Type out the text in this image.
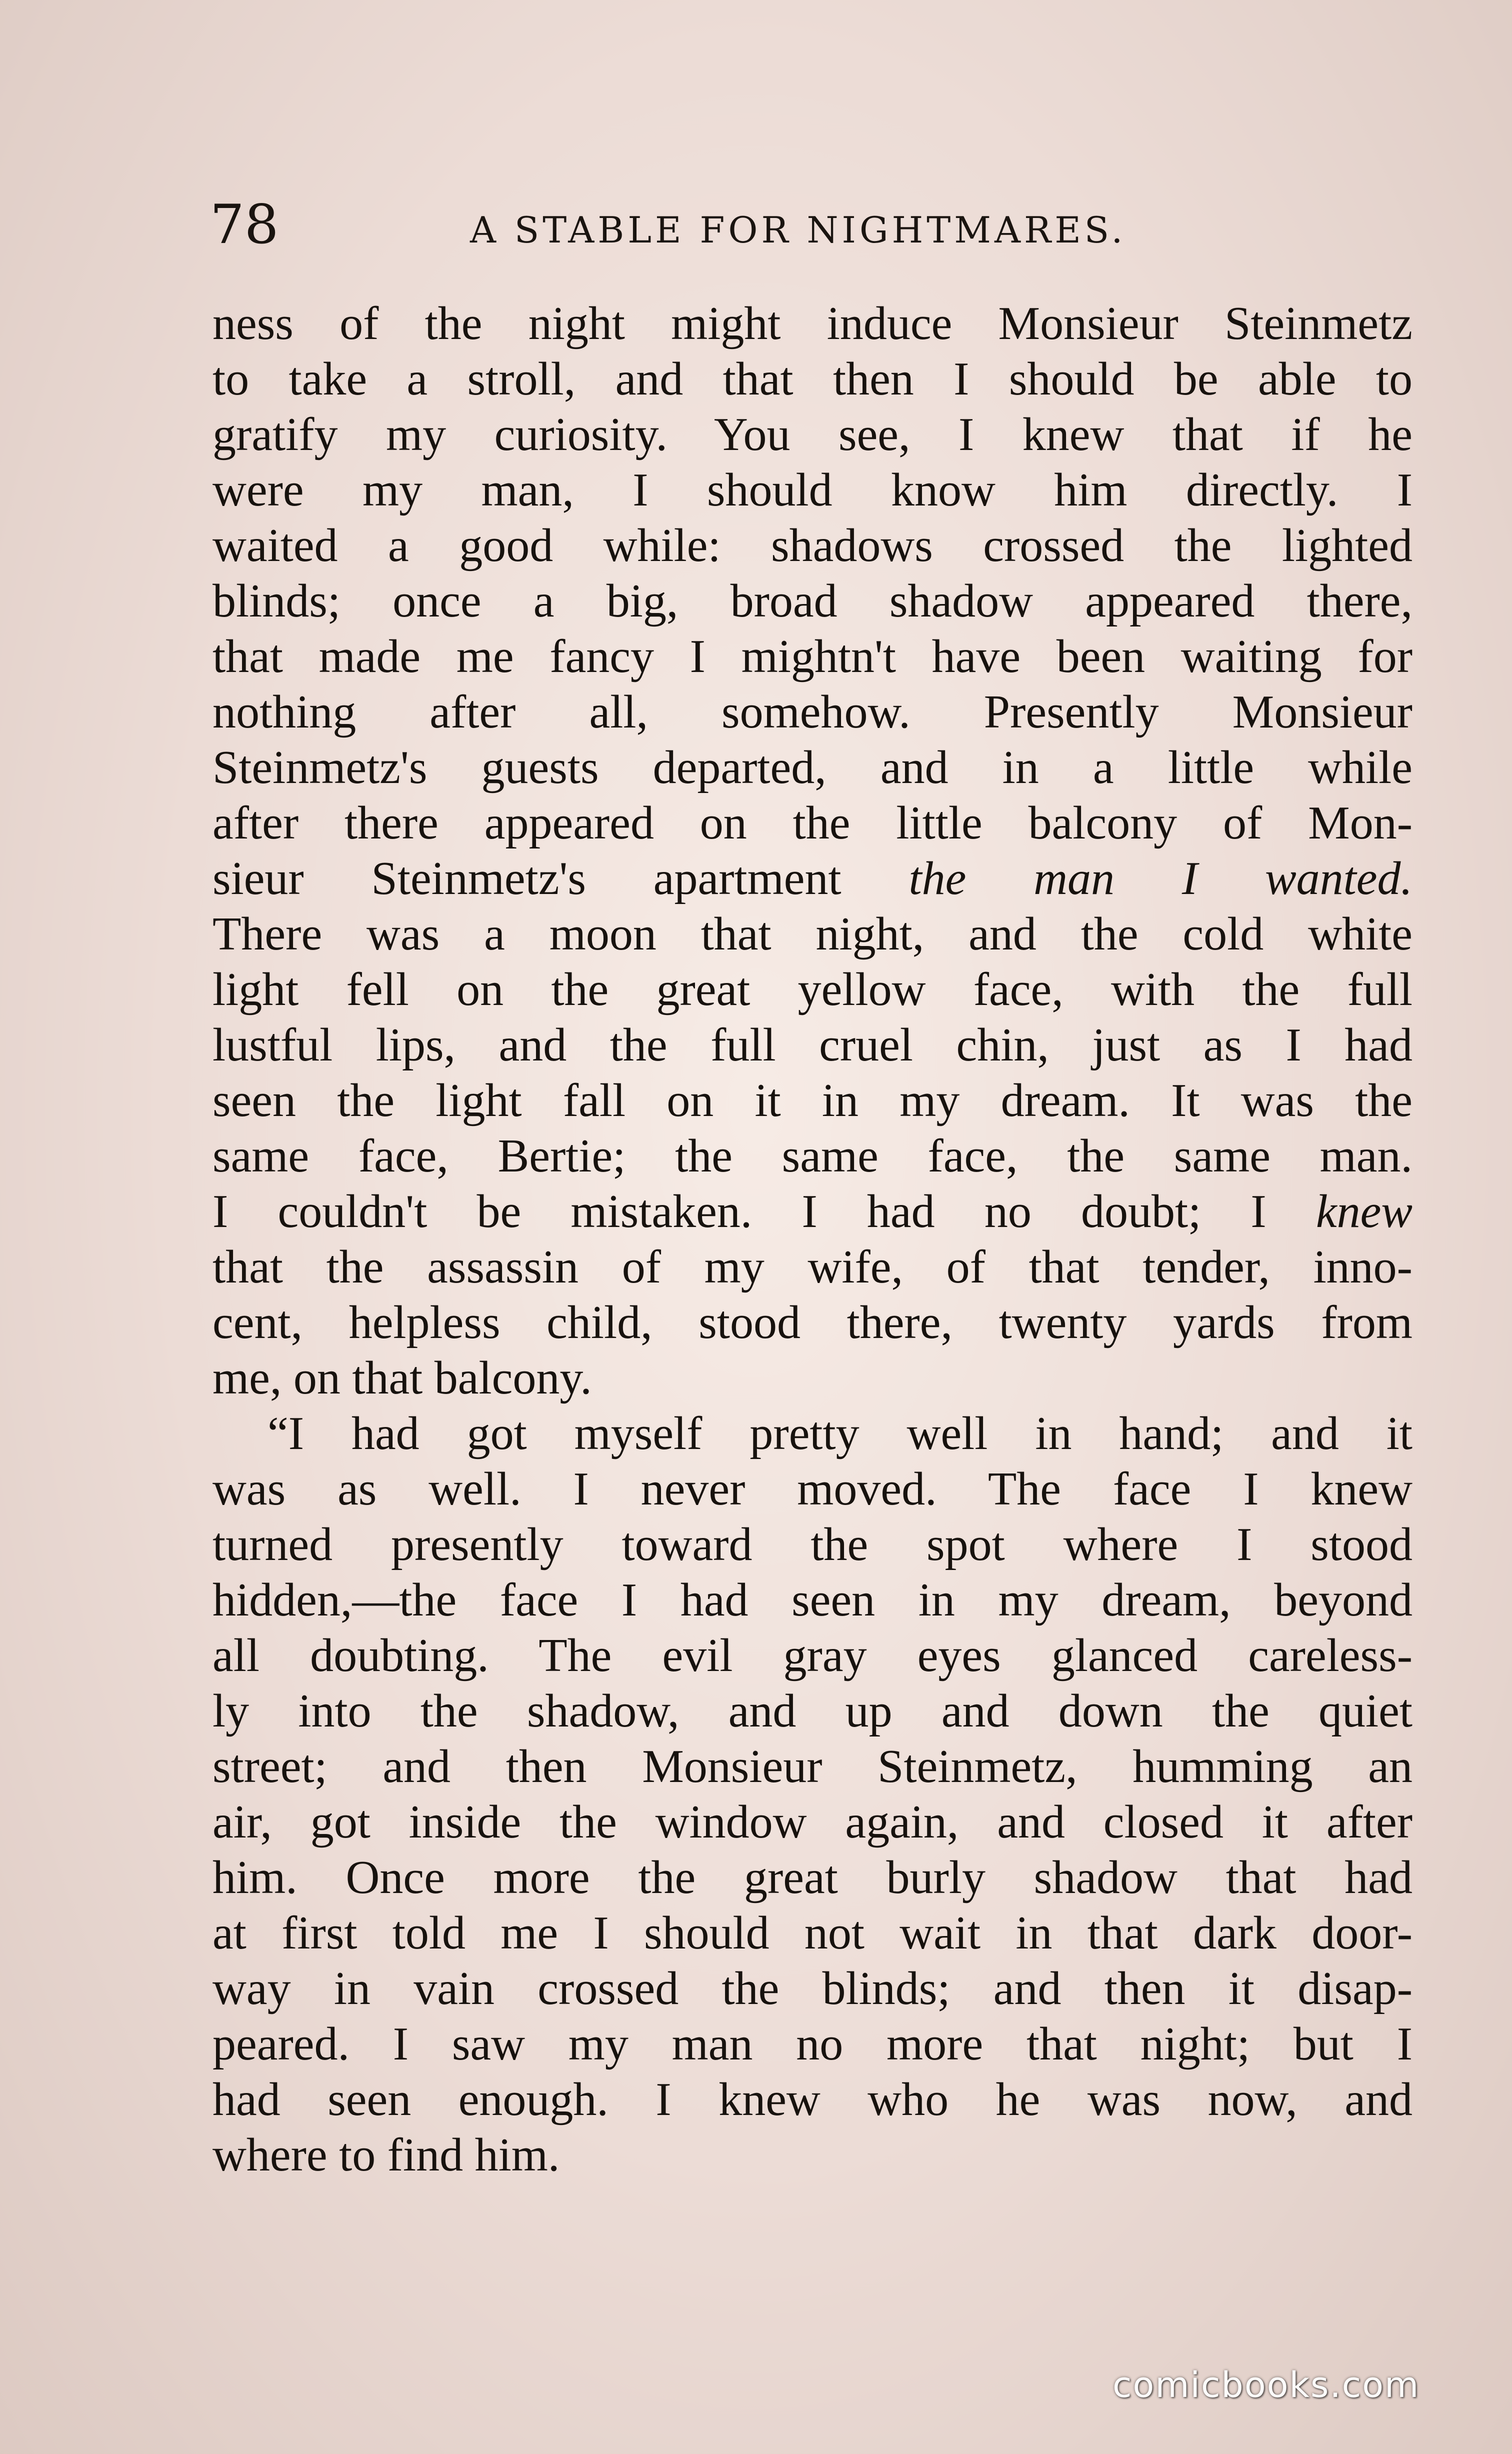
78	A STABLE FOR NIGHTMARES.
ness of the night might induce Monsieur Steinmetz
to take a stroll, and that then I should be able to
gratify my curiosity. You see, I knew that if he
were my man, I should know him directly. I
waited a good while: shadows crossed the lighted
blinds; once a big, broad shadow appeared there,
that made me fancy I mightn't have been waiting for
nothing after all, somehow. Presently Monsieur
Steinmetz's guests departed, and in a little while
after there appeared on the little balcony of Mon-
sieur Steinmetz's apartment the man I wanted.
There was a moon that night, and the cold white
light fell on the great yellow face, with the full
lustful lips, and the full cruel chin, just as I had
seen the light fall on it in my dream. It was the
same face, Bertie; the same face, the same man.
I couldn't be mistaken. I had no doubt; I knew
that the assassin of my wife, of that tender, inno-
cent, helpless child, stood there, twenty yards from
me, on that balcony.
“I had got myself pretty well in hand; and it
was as well. I never moved. The face I knew
turned presently toward the spot where I stood
hidden,—the face I had seen in my dream, beyond
all doubting. The evil gray eyes glanced careless-
ly into the shadow, and up and down the quiet
street; and then Monsieur Steinmetz, humming an
air, got inside the window again, and closed it after
him. Once more the great burly shadow that had
at first told me I should not wait in that dark door-
way in vain crossed the blinds; and then it disap-
peared. I saw my man no more that night; but I
had seen enough. I knew who he was now, and
where to find him.
comicbooks.com
